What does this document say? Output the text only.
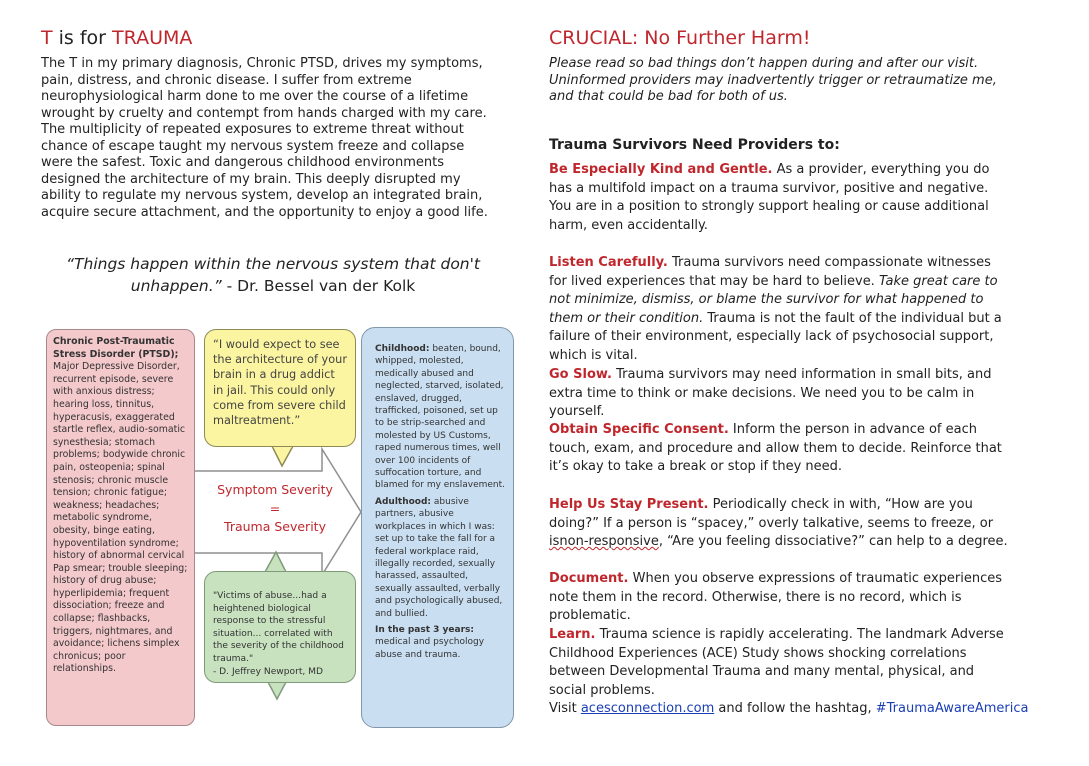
T is for TRAUMA

The T in my primary diagnosis, Chronic PTSD, drives my symptoms, pain, distress, and chronic disease. I suffer from extreme neurophysiological harm done to me over the course of a lifetime wrought by cruelty and contempt from hands charged with my care. The multiplicity of repeated exposures to extreme threat without chance of escape taught my nervous system freeze and collapse were the safest. Toxic and dangerous childhood environments designed the architecture of my brain. This deeply disrupted my ability to regulate my nervous system, develop an integrated brain, acquire secure attachment, and the opportunity to enjoy a good life.

“Things happen within the nervous system that don't unhappen.” - Dr. Bessel van der Kolk
Chronic Post-Traumatic Stress Disorder (PTSD); Major Depressive Disorder, recurrent episode, severe with anxious distress; hearing loss, tinnitus, hyperacusis, exaggerated startle reflex, audio-somatic synesthesia; stomach problems; bodywide chronic pain, osteopenia; spinal stenosis; chronic muscle tension; chronic fatigue; weakness; headaches; metabolic syndrome, obesity, binge eating, hypoventilation syndrome; history of abnormal cervical Pap smear; trouble sleeping; history of drug abuse; hyperlipidemia; frequent dissociation; freeze and collapse; flashbacks, triggers, nightmares, and avoidance; lichens simplex chronicus; poor relationships.
“I would expect to see the architecture of your brain in a drug addict in jail. This could only come from severe child maltreatment.”
Symptom Severity
=
Trauma Severity
"Victims of abuse...had a heightened biological response to the stressful situation... correlated with the severity of the childhood trauma."
- D. Jeffrey Newport, MD

Childhood: beaten, bound, whipped, molested, medically abused and neglected, starved, isolated, enslaved, drugged, trafficked, poisoned, set up to be strip-searched and molested by US Customs, raped numerous times, well over 100 incidents of suffocation torture, and blamed for my enslavement.

Adulthood: abusive partners, abusive workplaces in which I was: set up to take the fall for a federal workplace raid, illegally recorded, sexually harassed, assaulted, sexually assaulted, verbally and psychologically abused, and bullied.

In the past 3 years: medical and psychology abuse and trauma.

CRUCIAL: No Further Harm!

Please read so bad things don’t happen during and after our visit. Uninformed providers may inadvertently trigger or retraumatize me, and that could be bad for both of us.

Trauma Survivors Need Providers to:

Be Especially Kind and Gentle. As a provider, everything you do has a multifold impact on a trauma survivor, positive and negative. You are in a position to strongly support healing or cause additional harm, even accidentally.

Listen Carefully. Trauma survivors need compassionate witnesses for lived experiences that may be hard to believe. Take great care to not minimize, dismiss, or blame the survivor for what happened to them or their condition. Trauma is not the fault of the individual but a failure of their environment, especially lack of psychosocial support, which is vital.

Go Slow. Trauma survivors may need information in small bits, and extra time to think or make decisions. We need you to be calm in yourself.

Obtain Specific Consent. Inform the person in advance of each touch, exam, and procedure and allow them to decide. Reinforce that it’s okay to take a break or stop if they need.

Help Us Stay Present. Periodically check in with, “How are you doing?” If a person is “spacey,” overly talkative, seems to freeze, or isnon-responsive, “Are you feeling dissociative?” can help to a degree.

Document. When you observe expressions of traumatic experiences note them in the record. Otherwise, there is no record, which is problematic.

Learn. Trauma science is rapidly accelerating. The landmark Adverse Childhood Experiences (ACE) Study shows shocking correlations between Developmental Trauma and many mental, physical, and social problems.

Visit acesconnection.com and follow the hashtag, #TraumaAwareAmerica
